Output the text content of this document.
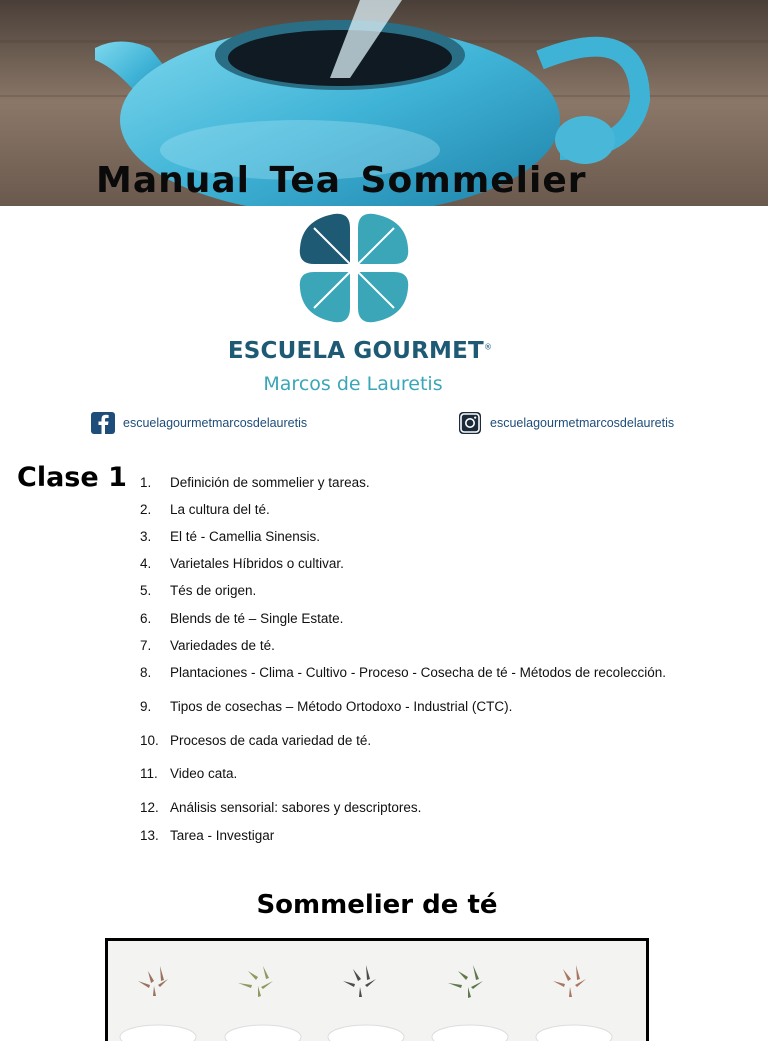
Manual Tea Sommelier
ESCUELA GOURMET®
Marcos de Lauretis
escuelagourmetmarcosdelauretis	escuelagourmetmarcosdelauretis
Clase 1 1.	Definición de sommelier y tareas.
2.	La cultura del té.
3.	El té - Camellia Sinensis.
4.	Varietales Híbridos o cultivar.
5.	Tés de origen.
6.	Blends de té – Single Estate.
7.	Variedades de té.
8.	Plantaciones - Clima - Cultivo - Proceso - Cosecha de té - Métodos de recolección.
9.	Tipos de cosechas – Método Ortodoxo - Industrial (CTC).
10. Procesos de cada variedad de té.
11. Video cata.
12. Análisis sensorial: sabores y descriptores.
13. Tarea - Investigar
Sommelier de té
